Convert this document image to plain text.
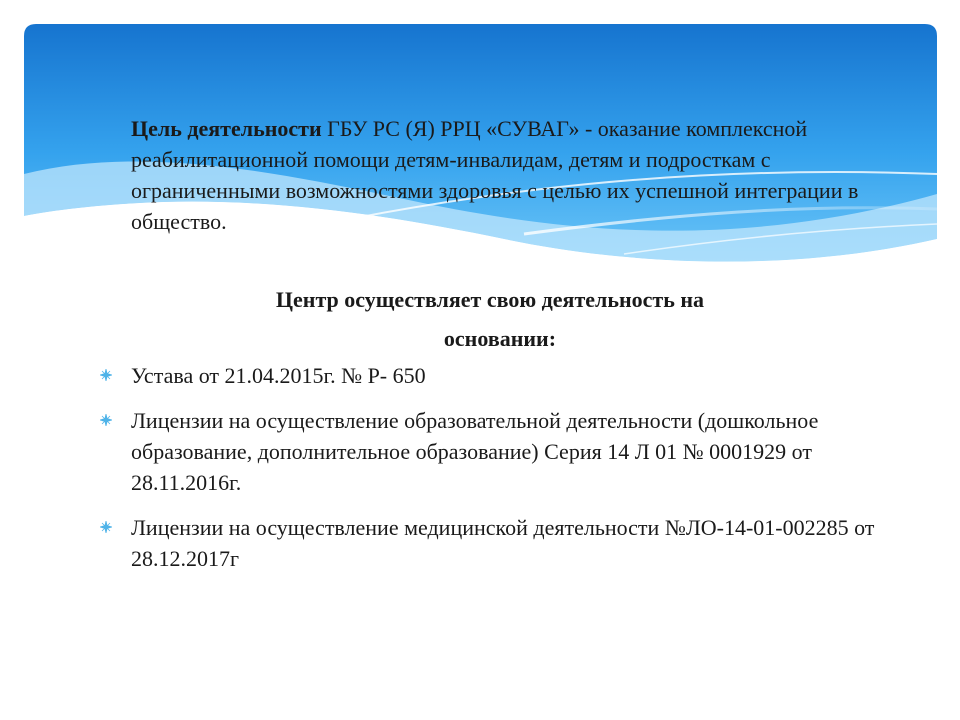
Цель деятельности ГБУ РС (Я) РРЦ «СУВАГ» - оказание комплексной реабилитационной помощи детям-инвалидам, детям и подросткам с ограниченными возможностями здоровья с целью их успешной интеграции в общество.
Центр осуществляет свою деятельность на
основании:
Устава от 21.04.2015г. № Р- 650
Лицензии на осуществление образовательной деятельности (дошкольное образование, дополнительное образование) Серия 14 Л 01 № 0001929 от 28.11.2016г.
Лицензии на осуществление медицинской деятельности №ЛО-14-01-002285 от 28.12.2017г
